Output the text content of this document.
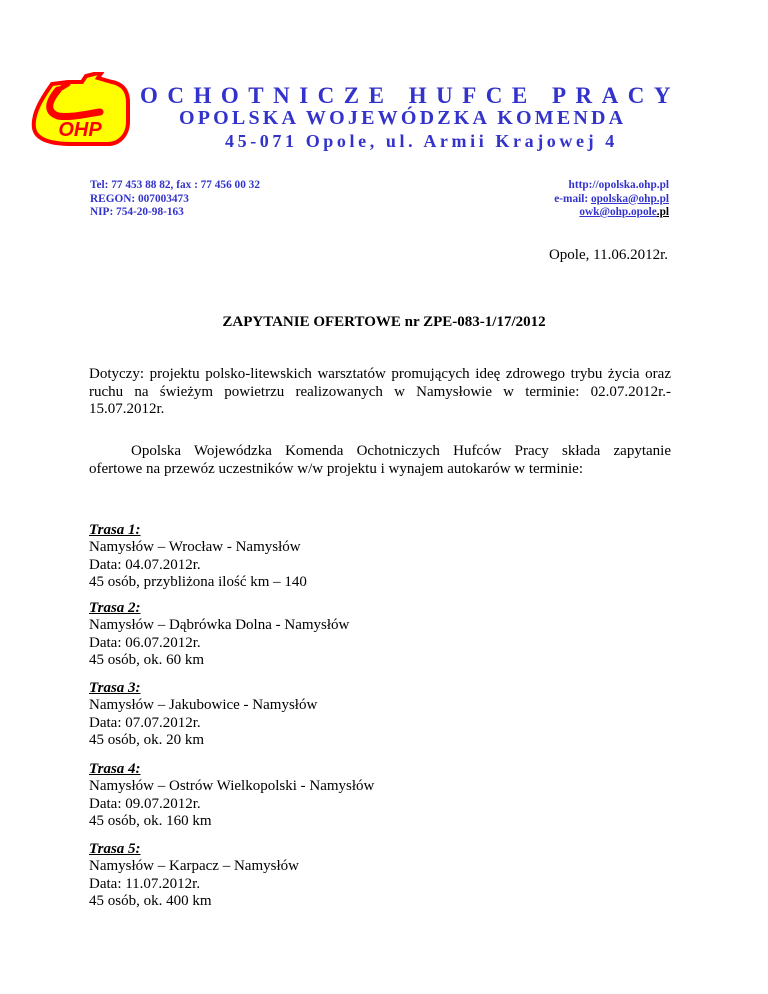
OHP
OCHOTNICZE HUFCE PRACY
OPOLSKA WOJEWÓDZKA KOMENDA
45-071 Opole, ul. Armii Krajowej 4
Tel: 77 453 88 82, fax : 77 456 00 32
REGON: 007003473
NIP: 754-20-98-163
http://opolska.ohp.pl
e-mail: opolska@ohp.pl
owk@ohp.opole.pl
Opole, 11.06.2012r.
ZAPYTANIE OFERTOWE nr ZPE-083-1/17/2012
Dotyczy: projektu polsko-litewskich warsztatów promujących ideę zdrowego trybu życia oraz
ruchu na świeżym powietrzu realizowanych w Namysłowie w terminie: 02.07.2012r.-
15.07.2012r.
Opolska Wojewódzka Komenda Ochotniczych Hufców Pracy składa zapytanie
ofertowe na przewóz uczestników w/w projektu i wynajem autokarów w terminie:
Trasa 1:
Namysłów – Wrocław - Namysłów
Data: 04.07.2012r.
45 osób, przybliżona ilość km – 140
Trasa 2:
Namysłów – Dąbrówka Dolna - Namysłów
Data: 06.07.2012r.
45 osób, ok. 60 km
Trasa 3:
Namysłów – Jakubowice - Namysłów
Data: 07.07.2012r.
45 osób, ok. 20 km
Trasa 4:
Namysłów – Ostrów Wielkopolski - Namysłów
Data: 09.07.2012r.
45 osób, ok. 160 km
Trasa 5:
Namysłów – Karpacz – Namysłów
Data: 11.07.2012r.
45 osób, ok. 400 km
